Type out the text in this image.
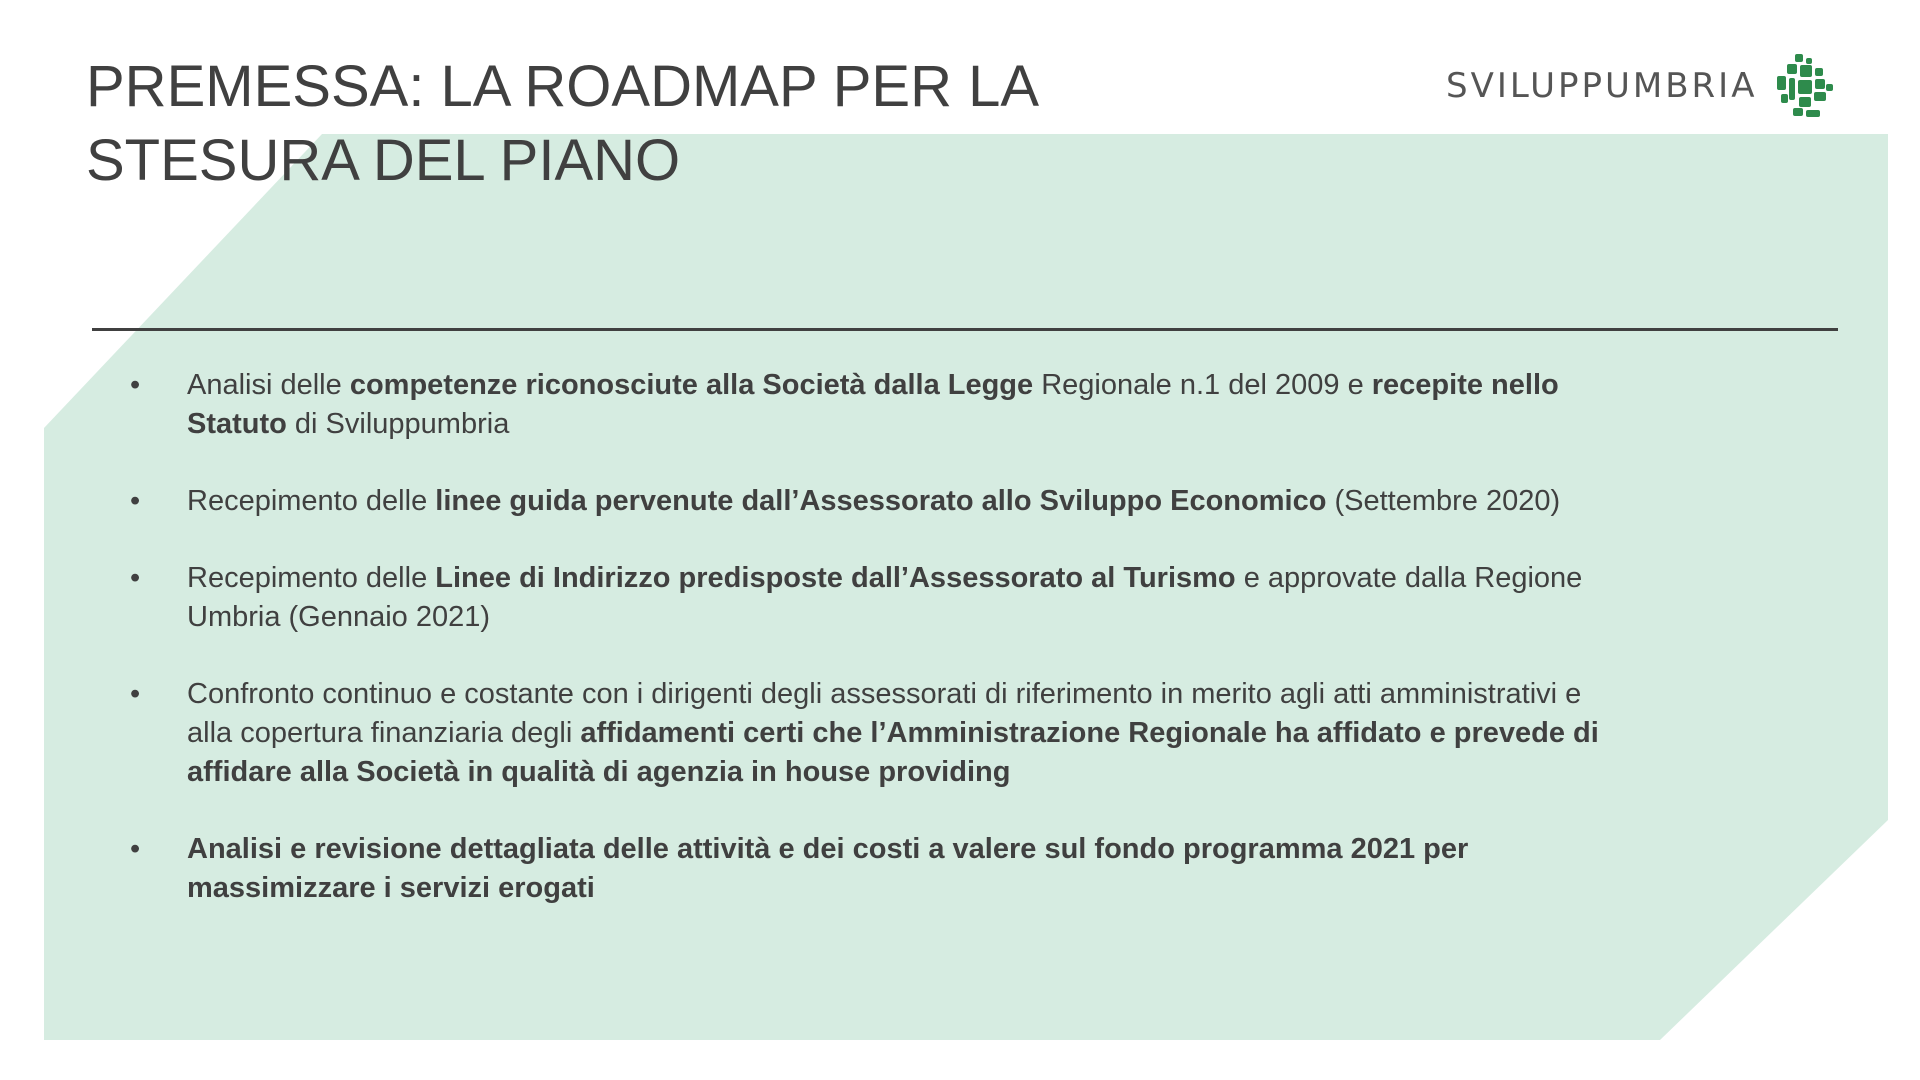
PREMESSA: LA ROADMAP PER LA
STESURA DEL PIANO
SVILUPPUMBRIA
• Analisi delle competenze riconosciute alla Società dalla Legge Regionale n.1 del 2009 e recepite nello Statuto di Sviluppumbria
• Recepimento delle linee guida pervenute dall’Assessorato allo Sviluppo Economico (Settembre 2020)
• Recepimento delle Linee di Indirizzo predisposte dall’Assessorato al Turismo e approvate dalla Regione Umbria (Gennaio 2021)
• Confronto continuo e costante con i dirigenti degli assessorati di riferimento in merito agli atti amministrativi e alla copertura finanziaria degli affidamenti certi che l’Amministrazione Regionale ha affidato e prevede di affidare alla Società in qualità di agenzia in house providing
• Analisi e revisione dettagliata delle attività e dei costi a valere sul fondo programma 2021 per massimizzare i servizi erogati
